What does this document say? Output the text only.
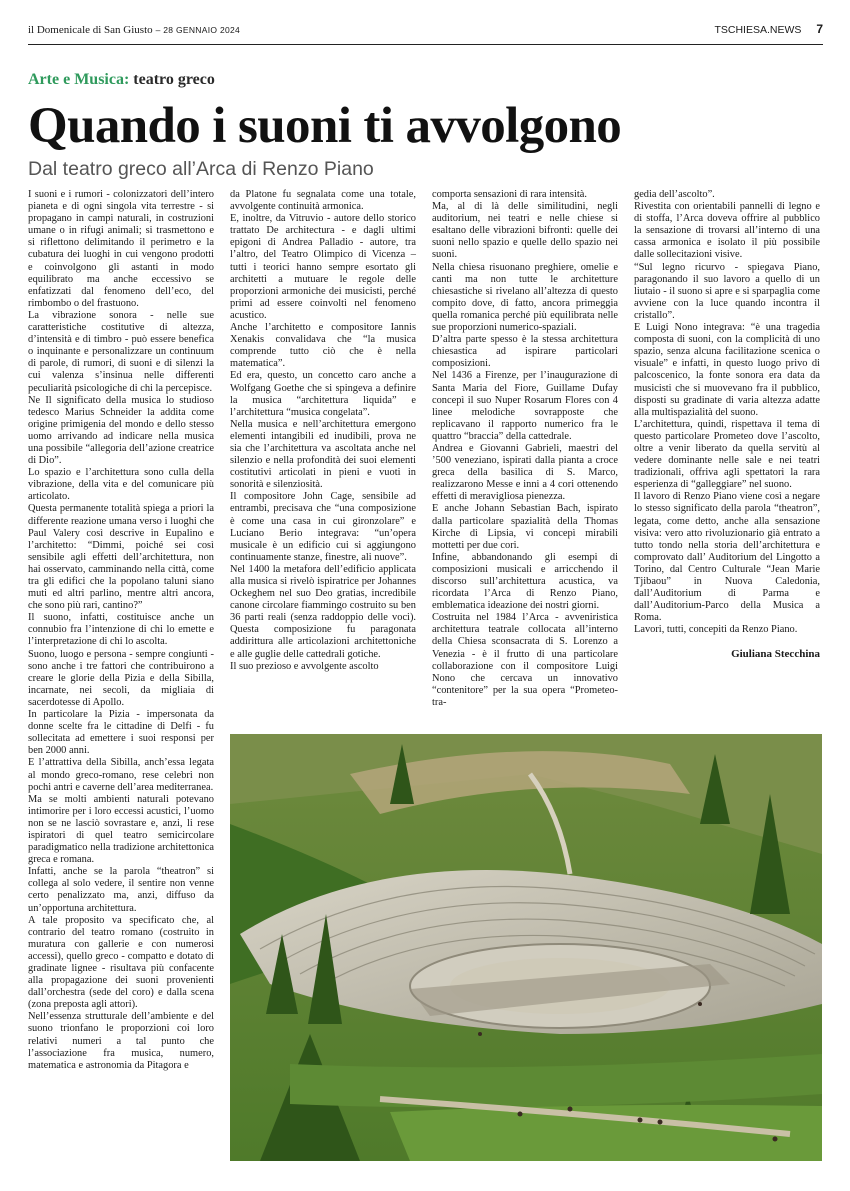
il Domenicale di San Giusto – 28 GENNAIO 2024	TSCHIESA.NEWS 7
Arte e Musica: teatro greco
Quando i suoni ti avvolgono
Dal teatro greco all’Arca di Renzo Piano

I suoni e i rumori - colonizzatori dell’intero pianeta e di ogni singola vita terrestre - si propagano in campi naturali, in costruzioni umane o in rifugi animali; si trasmettono e si riflettono delimitando il perimetro e la cubatura dei luoghi in cui vengono prodotti e coinvolgono gli astanti in modo equilibrato ma anche eccessivo se enfatizzati dal fenomeno dell’eco, del rimbombo o del frastuono.

La vibrazione sonora - nelle sue caratteristiche costitutive di altezza, d’intensità e di timbro - può essere benefica o inquinante e personalizzare un continuum di parole, di rumori, di suoni e di silenzi la cui valenza s’insinua nelle differenti peculiarità psicologiche di chi la percepisce.

Ne Il significato della musica lo studioso tedesco Marius Schneider la addita come origine primigenia del mondo e dello stesso uomo arrivando ad indicare nella musica una possibile “allegoria dell’azione creatrice di Dio”.

Lo spazio e l’architettura sono culla della vibrazione, della vita e del comunicare più articolato.

Questa permanente totalità spiega a priori la differente reazione umana verso i luoghi che Paul Valery così descrive in Eupalino e l’architetto: “Dimmi, poiché sei così sensibile agli effetti dell’architettura, non hai osservato, camminando nella città, come tra gli edifici che la popolano taluni siano muti ed altri parlino, mentre altri ancora, che sono più rari, cantino?”

Il suono, infatti, costituisce anche un connubio fra l’intenzione di chi lo emette e l’interpretazione di chi lo ascolta.

Suono, luogo e persona - sempre congiunti - sono anche i tre fattori che contribuirono a creare le glorie della Pizia e della Sibilla, incarnate, nei secoli, da migliaia di sacerdotesse di Apollo.

In particolare la Pizia - impersonata da donne scelte fra le cittadine di Delfi - fu sollecitata ad emettere i suoi responsi per ben 2000 anni.

E l’attrattiva della Sibilla, anch’essa legata al mondo greco-romano, rese celebri non pochi antri e caverne dell’area mediterranea.

Ma se molti ambienti naturali potevano intimorire per i loro eccessi acustici, l’uomo non se ne lasciò sovrastare e, anzi, li rese ispiratori di quel teatro semicircolare paradigmatico nella tradizione architettonica greca e romana.

Infatti, anche se la parola “theatron” si collega al solo vedere, il sentire non venne certo penalizzato ma, anzi, diffuso da un’opportuna architettura.

A tale proposito va specificato che, al contrario del teatro romano (costruito in muratura con gallerie e con numerosi accessi), quello greco - compatto e dotato di gradinate lignee - risultava più confacente alla propagazione dei suoni provenienti dall’orchestra (sede del coro) e dalla scena (zona preposta agli attori).

Nell’essenza strutturale dell’ambiente e del suono trionfano le proporzioni coi loro relativi numeri a tal punto che l’associazione fra musica, numero, matematica e astronomia da Pitagora e

da Platone fu segnalata come una totale, avvolgente continuità armonica.

E, inoltre, da Vitruvio - autore dello storico trattato De architectura - e dagli ultimi epigoni di Andrea Palladio - autore, tra l’altro, del Teatro Olimpico di Vicenza – tutti i teorici hanno sempre esortato gli architetti a mutuare le regole delle proporzioni armoniche dei musicisti, perché primi ad essere coinvolti nel fenomeno acustico.

Anche l’architetto e compositore Iannis Xenakis convalidava che “la musica comprende tutto ciò che è nella matematica”.

Ed era, questo, un concetto caro anche a Wolfgang Goethe che si spingeva a definire la musica “architettura liquida” e l’architettura “musica congelata”.

Nella musica e nell’architettura emergono elementi intangibili ed inudibili, prova ne sia che l’architettura va ascoltata anche nel silenzio e nella profondità dei suoi elementi costitutivi articolati in pieni e vuoti in sonorità e silenziosità.

Il compositore John Cage, sensibile ad entrambi, precisava che “una composizione è come una casa in cui gironzolare” e Luciano Berio integrava: “un’opera musicale è un edificio cui si aggiungono continuamente stanze, finestre, ali nuove”.

Nel 1400 la metafora dell’edificio applicata alla musica si rivelò ispiratrice per Johannes Ockeghem nel suo Deo gratias, incredibile canone circolare fiammingo costruito su ben 36 parti reali (senza raddoppio delle voci). Questa composizione fu paragonata addirittura alle articolazioni architettoniche e alle guglie delle cattedrali gotiche.

Il suo prezioso e avvolgente ascolto

comporta sensazioni di rara intensità.

Ma, al di là delle similitudini, negli auditorium, nei teatri e nelle chiese si esaltano delle vibrazioni bifronti: quelle dei suoni nello spazio e quelle dello spazio nei suoni.

Nella chiesa risuonano preghiere, omelie e canti ma non tutte le architetture chiesastiche si rivelano all’altezza di questo compito dove, di fatto, ancora primeggia quella romanica perché più equilibrata nelle sue proporzioni numerico-spaziali.

D’altra parte spesso è la stessa architettura chiesastica ad ispirare particolari composizioni.

Nel 1436 a Firenze, per l’inaugurazione di Santa Maria del Fiore, Guillame Dufay concepì il suo Nuper Rosarum Flores con 4 linee melodiche sovrapposte che replicavano il rapporto numerico fra le quattro “braccia” della cattedrale.

Andrea e Giovanni Gabrieli, maestri del ’500 veneziano, ispirati dalla pianta a croce greca della basilica di S. Marco, realizzarono Messe e inni a 4 cori ottenendo effetti di meravigliosa pienezza.

E anche Johann Sebastian Bach, ispirato dalla particolare spazialità della Thomas Kirche di Lipsia, vi concepì mirabili mottetti per due cori.

Infine, abbandonando gli esempi di composizioni musicali e arricchendo il discorso sull’architettura acustica, va ricordata l’Arca di Renzo Piano, emblematica ideazione dei nostri giorni.

Costruita nel 1984 l’Arca - avveniristica architettura teatrale collocata all’interno della Chiesa sconsacrata di S. Lorenzo a Venezia - è il frutto di una particolare collaborazione con il compositore Luigi Nono che cercava un innovativo “contenitore” per la sua opera “Prometeo-tra-

gedia dell’ascolto”.

Rivestita con orientabili pannelli di legno e di stoffa, l’Arca doveva offrire al pubblico la sensazione di trovarsi all’interno di una cassa armonica e isolato il più possibile dalle sollecitazioni visive.

“Sul legno ricurvo - spiegava Piano, paragonando il suo lavoro a quello di un liutaio - il suono si apre e si sparpaglia come avviene con la luce quando incontra il cristallo”.

E Luigi Nono integrava: “è una tragedia composta di suoni, con la complicità di uno spazio, senza alcuna facilitazione scenica o visuale” e infatti, in questo luogo privo di palcoscenico, la fonte sonora era data da musicisti che si muovevano fra il pubblico, disposti su gradinate di varia altezza adatte alla multispazialità del suono.

L’architettura, quindi, rispettava il tema di questo particolare Prometeo dove l’ascolto, oltre a venir liberato da quella servitù al vedere dominante nelle sale e nei teatri tradizionali, offriva agli spettatori la rara esperienza di “galleggiare” nel suono.

Il lavoro di Renzo Piano viene così a negare lo stesso significato della parola “theatron”, legata, come detto, anche alla sensazione visiva: vero atto rivoluzionario già entrato a tutto tondo nella storia dell’architettura e comprovato dall’ Auditorium del Lingotto a Torino, dal Centro Culturale “Jean Marie Tjibaou” in Nuova Caledonia, dall’Auditorium di Parma e dall’Auditorium-Parco della Musica a Roma.

Lavori, tutti, concepiti da Renzo Piano.

Giuliana Stecchina
